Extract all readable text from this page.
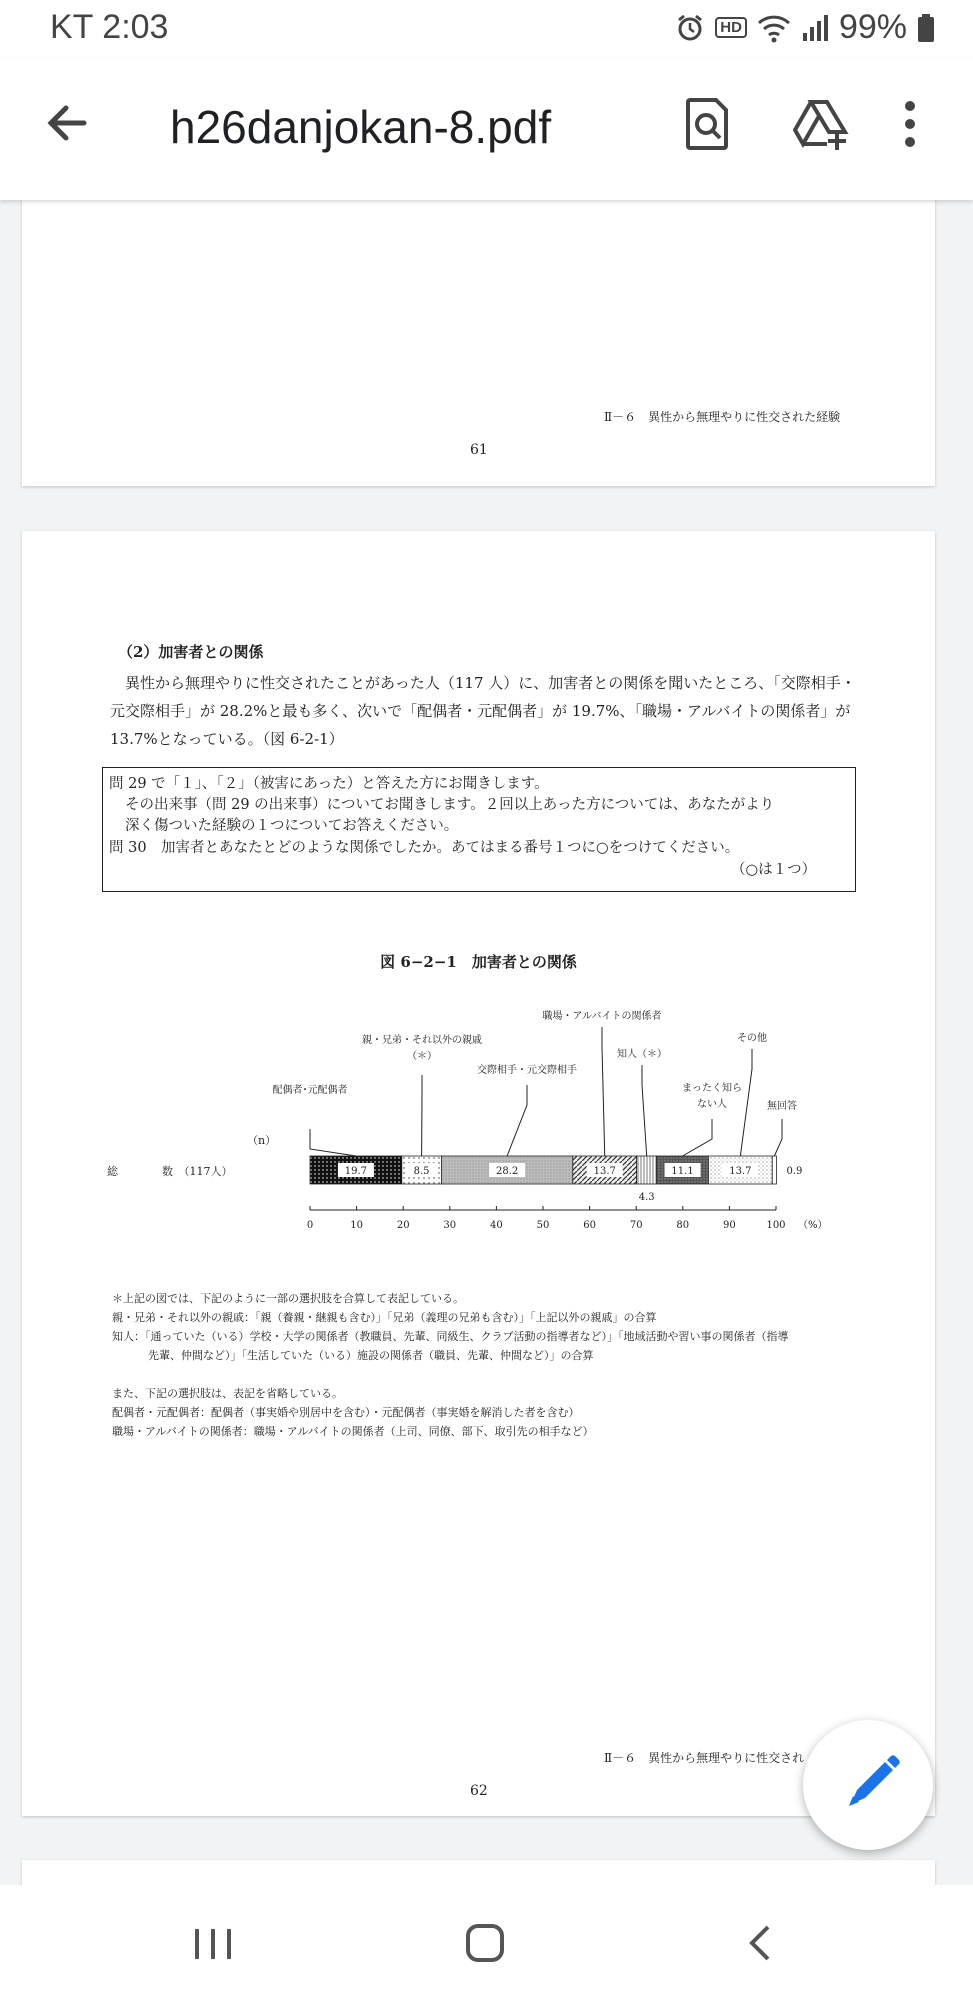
KT 2:03	HD	99%
h26danjokan-8.pdf
Ⅱ－６　異性から無理やりに性交された経験
61
（2）加害者との関係
異性から無理やりに性交されたことがあった人（117 人）に、加害者との関係を聞いたところ、「交際相手・元交際相手」が 28.2%と最も多く、次いで「配偶者・元配偶者」が 19.7%、「職場・アルバイトの関係者」が 13.7%となっている。（図 6-2-1）
問 29 で「１」、「２」（被害にあった）と答えた方にお聞きします。
その出来事（問 29 の出来事）についてお聞きします。２回以上あった方については、あなたがより
深く傷ついた経験の１つについてお答えください。
問 30　加害者とあなたとどのような関係でしたか。あてはまる番号１つに○をつけてください。
（○は１つ）
図 6−2−1　加害者との関係
総　　　　数　（117人）
（n）
19.7
配偶者･元配偶者
8.5
親・兄弟・それ以外の親戚
（＊）
28.2
交際相手・元交際相手
13.7
職場・アルバイトの関係者
4.3
知人（＊）
11.1
まったく知ら
ない人
13.7
その他
0.9
無回答
0	10	20	30	40	50	60	70	80	90	100 （%）
＊上記の図では、下記のように一部の選択肢を合算して表記している。
親・兄弟・それ以外の親戚：「親（養親・継親も含む）」「兄弟（義理の兄弟も含む）」「上記以外の親戚」の合算
知人：「通っていた（いる）学校・大学の関係者（教職員、先輩、同級生、クラブ活動の指導者など）」「地域活動や習い事の関係者（指導
先輩、仲間など）」「生活していた（いる）施設の関係者（職員、先輩、仲間など）」の合算
また、下記の選択肢は、表記を省略している。
配偶者・元配偶者：配偶者（事実婚や別居中を含む）・元配偶者（事実婚を解消した者を含む）
職場・アルバイトの関係者：職場・アルバイトの関係者（上司、同僚、部下、取引先の相手など）
Ⅱ－６　異性から無理やりに性交され
62
